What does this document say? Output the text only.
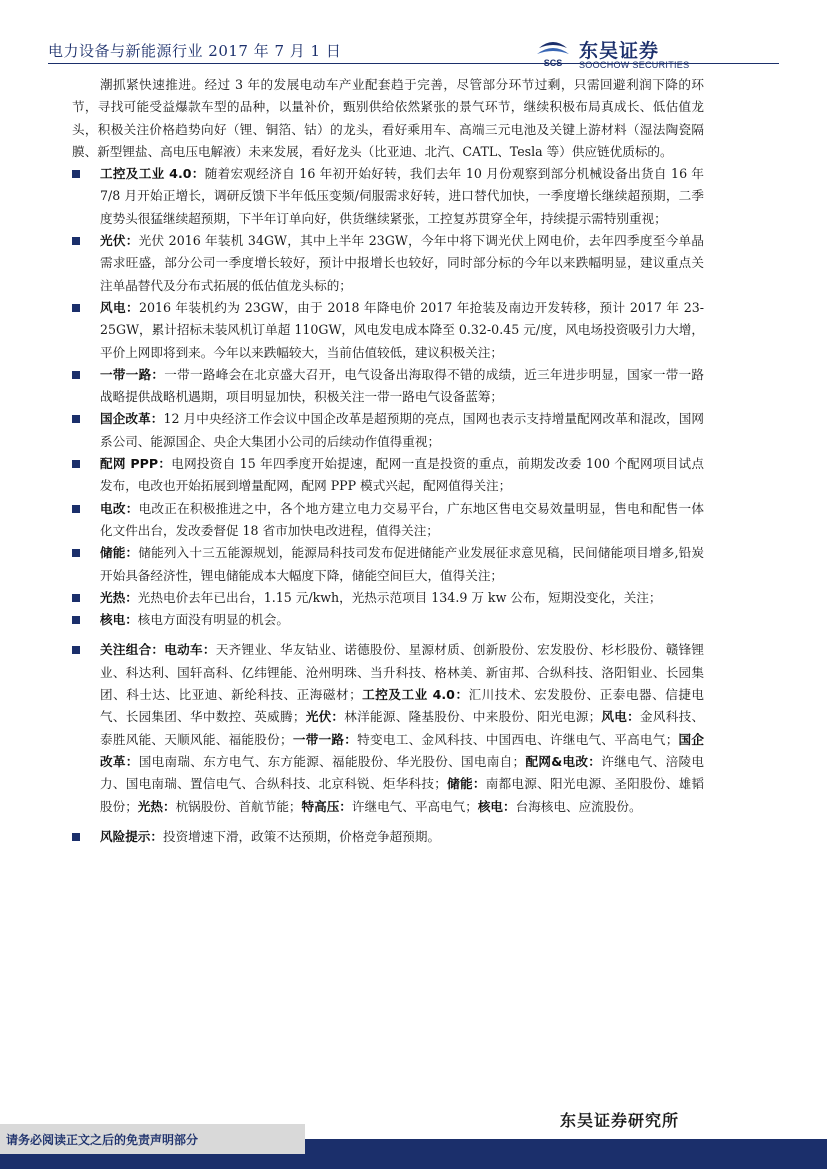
电力设备与新能源行业 2017 年 7 月 1 日
SCS
东吴证券
SOOCHOW SECURITIES

潮抓紧快速推进。经过 3 年的发展电动车产业配套趋于完善，尽管部分环节过剩，只需回避利润下降的环节，寻找可能受益爆款车型的品种，以量补价，甄别供给依然紧张的景气环节，继续积极布局真成长、低估值龙头，积极关注价格趋势向好（锂、铜箔、钴）的龙头，看好乘用车、高端三元电池及关键上游材料（湿法陶瓷隔膜、新型锂盐、高电压电解液）未来发展，看好龙头（比亚迪、北汽、CATL、Tesla 等）供应链优质标的。

工控及工业 4.0：随着宏观经济自 16 年初开始好转，我们去年 10 月份观察到部分机械设备出货自 16 年 7/8 月开始正增长，调研反馈下半年低压变频/伺服需求好转，进口替代加快，一季度增长继续超预期，二季度势头很猛继续超预期，下半年订单向好，供货继续紧张，工控复苏贯穿全年，持续提示需特别重视；

光伏：光伏 2016 年装机 34GW，其中上半年 23GW，今年中将下调光伏上网电价，去年四季度至今单晶需求旺盛，部分公司一季度增长较好，预计中报增长也较好，同时部分标的今年以来跌幅明显，建议重点关注单晶替代及分布式拓展的低估值龙头标的；

风电：2016 年装机约为 23GW，由于 2018 年降电价 2017 年抢装及南边开发转移，预计 2017 年 23-25GW，累计招标未装风机订单超 110GW，风电发电成本降至 0.32-0.45 元/度，风电场投资吸引力大增，平价上网即将到来。今年以来跌幅较大，当前估值较低，建议积极关注；

一带一路：一带一路峰会在北京盛大召开，电气设备出海取得不错的成绩，近三年进步明显，国家一带一路战略提供战略机遇期，项目明显加快，积极关注一带一路电气设备蓝筹；

国企改革：12 月中央经济工作会议中国企改革是超预期的亮点，国网也表示支持增量配网改革和混改，国网系公司、能源国企、央企大集团小公司的后续动作值得重视；

配网 PPP：电网投资自 15 年四季度开始提速，配网一直是投资的重点，前期发改委 100 个配网项目试点发布，电改也开始拓展到增量配网，配网 PPP 模式兴起，配网值得关注；

电改：电改正在积极推进之中，各个地方建立电力交易平台，广东地区售电交易效量明显，售电和配售一体化文件出台，发改委督促 18 省市加快电改进程，值得关注；

储能：储能列入十三五能源规划，能源局科技司发布促进储能产业发展征求意见稿，民间储能项目增多,铅炭开始具备经济性，锂电储能成本大幅度下降，储能空间巨大，值得关注；

光热：光热电价去年已出台，1.15 元/kwh，光热示范项目 134.9 万 kw 公布，短期没变化，关注；

核电：核电方面没有明显的机会。

关注组合：电动车：天齐锂业、华友钴业、诺德股份、星源材质、创新股份、宏发股份、杉杉股份、赣锋锂业、科达利、国轩高科、亿纬锂能、沧州明珠、当升科技、格林美、新宙邦、合纵科技、洛阳钼业、长园集团、科士达、比亚迪、新纶科技、正海磁材；工控及工业 4.0：汇川技术、宏发股份、正泰电器、信捷电气、长园集团、华中数控、英威腾；光伏：林洋能源、隆基股份、中来股份、阳光电源；风电：金风科技、泰胜风能、天顺风能、福能股份；一带一路：特变电工、金风科技、中国西电、许继电气、平高电气；国企改革：国电南瑞、东方电气、东方能源、福能股份、华光股份、国电南自；配网&电改：许继电气、涪陵电力、国电南瑞、置信电气、合纵科技、北京科锐、炬华科技；储能：南都电源、阳光电源、圣阳股份、雄韬股份；光热：杭锅股份、首航节能；特高压：许继电气、平高电气；核电：台海核电、应流股份。

风险提示：投资增速下滑，政策不达预期，价格竞争超预期。

东吴证券研究所
请务必阅读正文之后的免责声明部分
